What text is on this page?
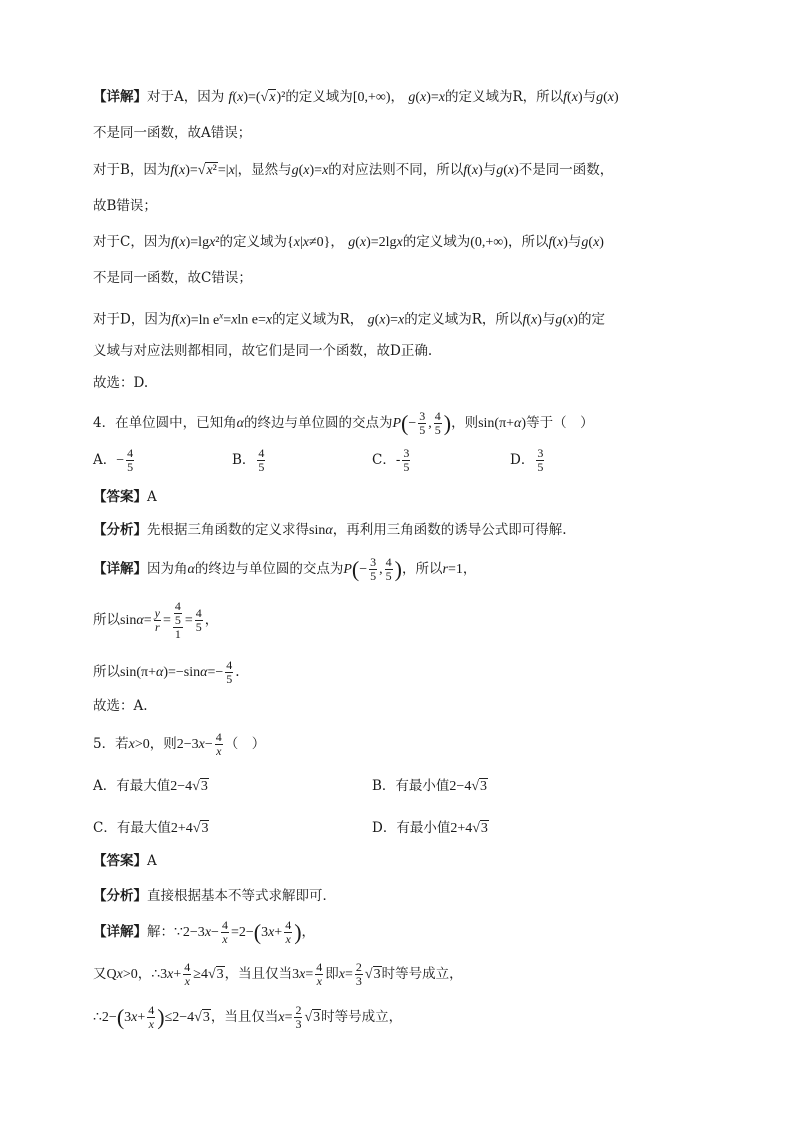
【详解】对于A，因为 f(x)=(√x)²的定义域为[0,+∞)， g(x)=x的定义域为R，所以f(x)与g(x)
不是同一函数，故A错误；
对于B，因为f(x)=√x²=|x|，显然与g(x)=x的对应法则不同，所以f(x)与g(x)不是同一函数，
故B错误；
对于C，因为f(x)=lgx²的定义域为{x|x≠0}， g(x)=2lgx的定义域为(0,+∞)，所以f(x)与g(x)
不是同一函数，故C错误；
对于D，因为f(x)=ln $e^x=xln$ e=x的定义域为R， g(x)=x的定义域为R，所以f(x)与g(x)的定
义域与对应法则都相同，故它们是同一个函数，故D正确.
故选：D.
4．在单位圆中，已知角α的终边与单位圆的交点为$P(- \frac{3}{5}$ , $\frac{4}{5}$ )，则sin(π+α)等于（　）
A．− $\frac{4}{5}$	B． $\frac{4}{5}$	C．- $\frac{3}{5}$	D． $\frac{3}{5}$
【答案】A
【分析】先根据三角函数的定义求得sinα，再利用三角函数的诱导公式即可得解.
【详解】因为角α的终边与单位圆的交点为$P(- \frac{3}{5}$ , $\frac{4}{5}$ )，所以r=1，
所以$\sin\alpha= \frac{y}{r} = \frac{\frac{4}{5}}{1} = \frac{4}{5}$ ，
所以$\sin(\pi+\alpha)=-\sin\alpha=- \frac{4}{5}$ .
故选：A.
5．若x>0，则$2-3x- \frac{4}{x}$ （　）
A．有最大值2−4√3	B．有最小值2−4√3
C．有最大值2+4√3	D．有最小值2+4√3
【答案】A
【分析】直接根据基本不等式求解即可．
【详解】解：∵2−3x− $\frac{4}{x} =2-(3x+ \frac{4}{x}$ )，
又Qx>0，∴3x+ $\frac{4}{x} \ge 4√3$，当且仅当$3x= \frac{4}{x}$ 即$x= \frac{2}{3} √3$时等号成立，
∴2−(3x+ $\frac{4}{x} )\le 2-4√3$，当且仅当$x= \frac{2}{3} √3$时等号成立，
